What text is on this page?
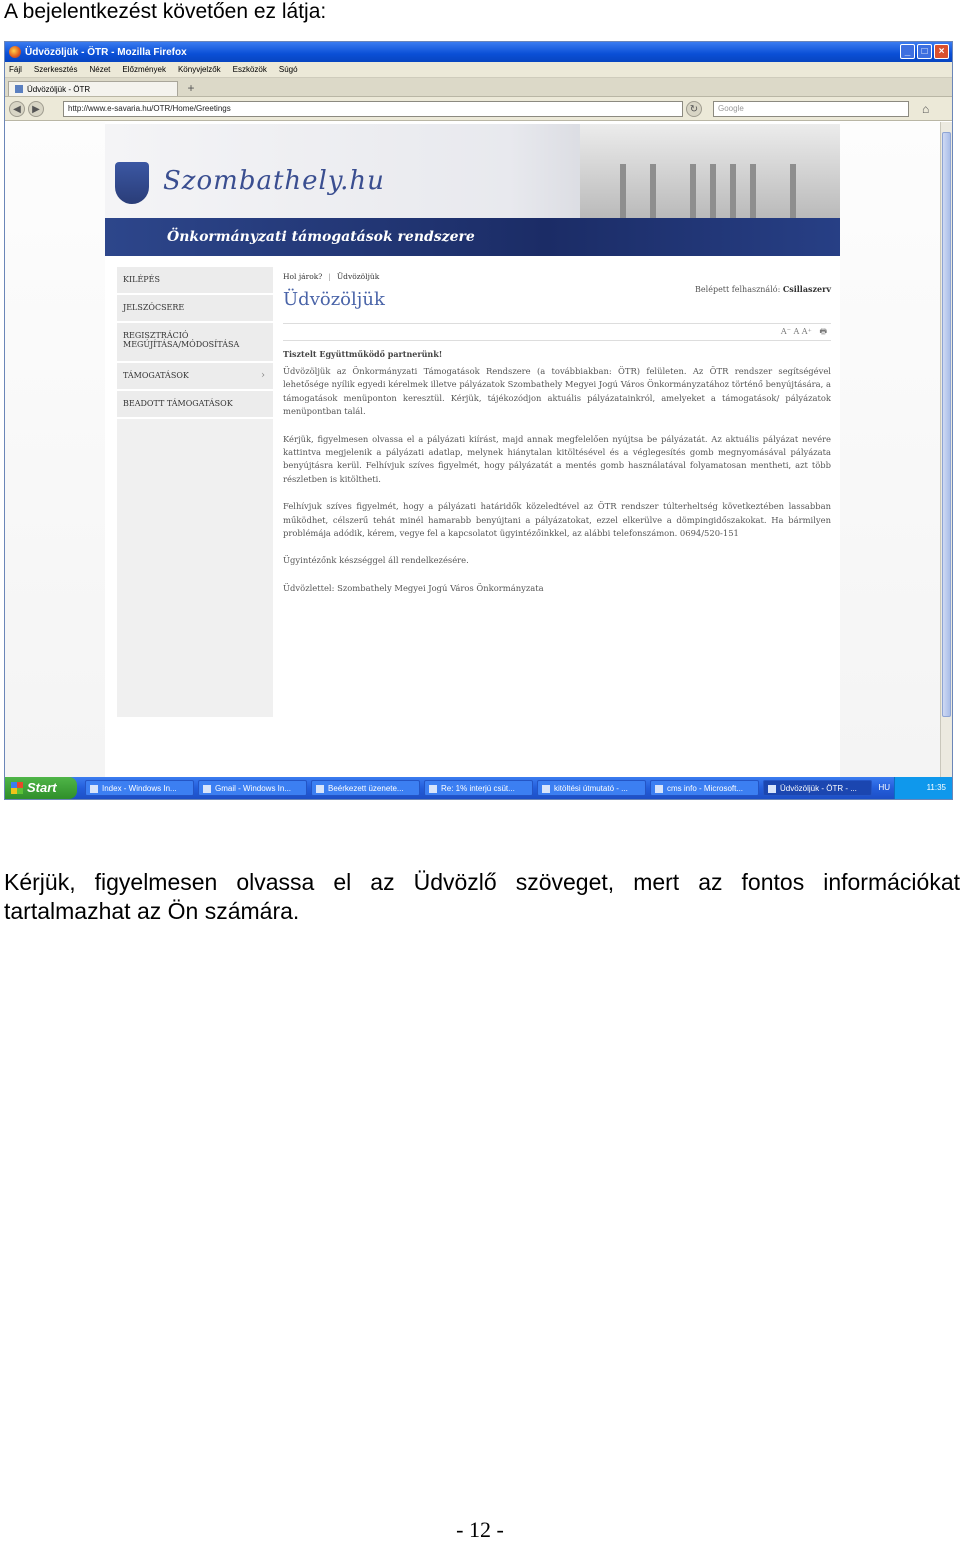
A bejelentkezést követően ez látja:
Üdvözöljük - ÖTR - Mozilla Firefox	_	□	×
Fájl Szerkesztés Nézet Előzmények Könyvjelzők Eszközök Súgó
Üdvözöljük - ÖTR	+
◀	▶	http://www.e-savaria.hu/OTR/Home/Greetings	↻	Google	⌂
Szombathely.hu
Önkormányzati támogatások rendszere
KILÉPÉS
JELSZÓCSERE
REGISZTRÁCIÓ MEGÚJÍTÁSA/MÓDOSÍTÁSA
TÁMOGATÁSOK	›
BEADOTT TÁMOGATÁSOK
Hol járok? | Üdvözöljük
Belépett felhasználó: Csillaszerv
Üdvözöljük
A⁻ A A⁺ 🖶
Tisztelt Együttműködő partnerünk!
Üdvözöljük az Önkormányzati Támogatások Rendszere (a továbbiakban: ÖTR) felületen. Az ÖTR rendszer segítségével lehetősége nyílik egyedi kérelmek illetve pályázatok Szombathely Megyei Jogú Város Önkormányzatához történő benyújtására, a támogatások menüponton keresztül. Kérjük, tájékozódjon aktuális pályázatainkról, amelyeket a támogatások/ pályázatok menüpontban talál.
Kérjük, figyelmesen olvassa el a pályázati kiírást, majd annak megfelelően nyújtsa be pályázatát. Az aktuális pályázat nevére kattintva megjelenik a pályázati adatlap, melynek hiánytalan kitöltésével és a véglegesítés gomb megnyomásával pályázata benyújtásra kerül. Felhívjuk szíves figyelmét, hogy pályázatát a mentés gomb használatával folyamatosan mentheti, azt több részletben is kitöltheti.
Felhívjuk szíves figyelmét, hogy a pályázati határidők közeledtével az ÖTR rendszer túlterheltség következtében lassabban működhet, célszerű tehát minél hamarabb benyújtani a pályázatokat, ezzel elkerülve a dömpingidőszakokat. Ha bármilyen problémája adódik, kérem, vegye fel a kapcsolatot ügyintézőinkkel, az alábbi telefonszámon. 0694/520-151
Ügyintézőnk készséggel áll rendelkezésére.
Üdvözlettel: Szombathely Megyei Jogú Város Önkormányzata
Start	Index - Windows In...	Gmail - Windows In...	Beérkezett üzenete...	Re: 1% interjú csüt...	kitöltési útmutató - ...	cms info - Microsoft...	Üdvözöljük - ÖTR - ...	HU	11:35
Kérjük, figyelmesen olvassa el az Üdvözlő szöveget, mert az fontos információkat tartalmazhat az Ön számára.
- 12 -
